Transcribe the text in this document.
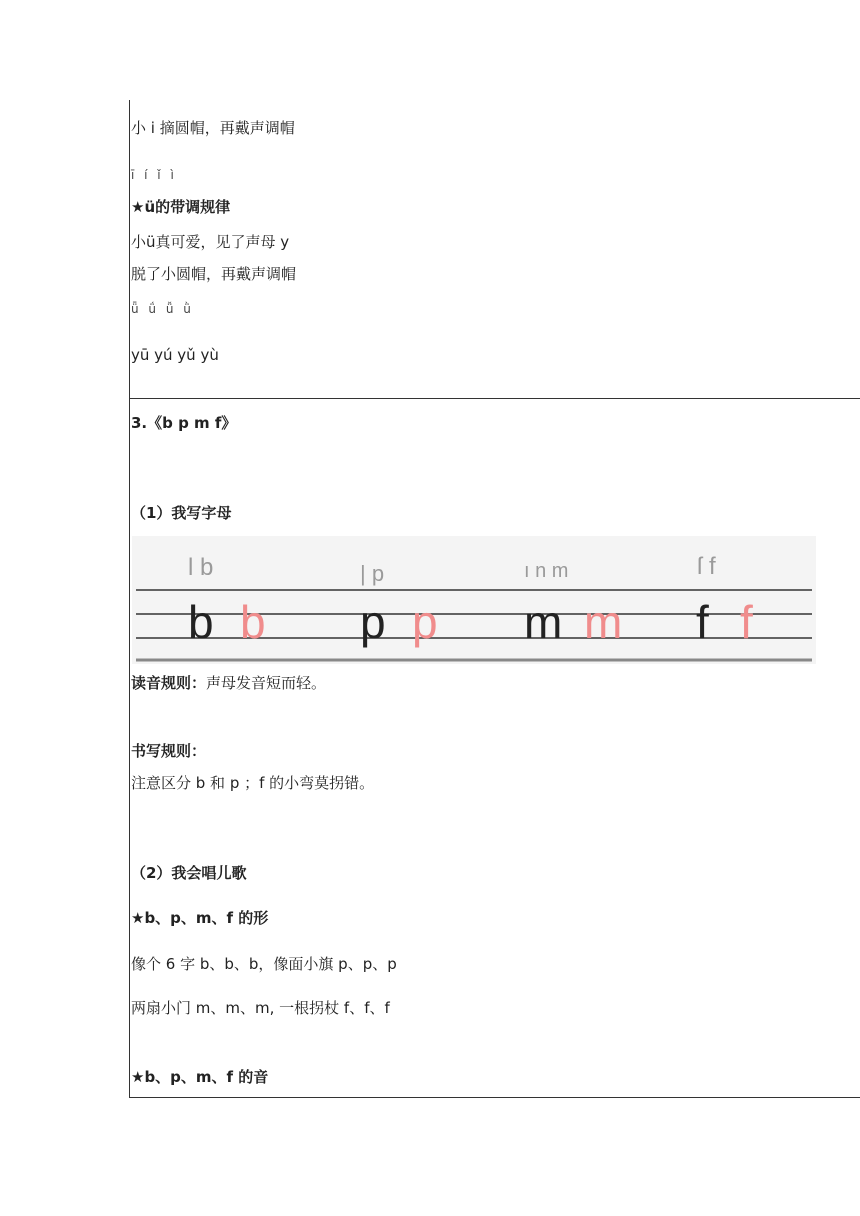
小 i 摘圆帽，再戴声调帽
ī í ǐ ì
★ü的带调规律
小ü真可爱，见了声母 y
脱了小圆帽，再戴声调帽
ǖ ǘ ǚ ǜ
yū yú yǔ yù
3.《b p m f》
（1）我写字母
l b	| p	ı n m	ſ f
b b p p m m f f
读音规则：声母发音短而轻。
书写规则：
注意区分 b 和 p ；f 的小弯莫拐错。
（2）我会唱儿歌
★b、p、m、f 的形
像个 6 字 b、b、b，像面小旗 p、p、p
两扇小门 m、m、m, 一根拐杖 f、f、f
★b、p、m、f 的音
